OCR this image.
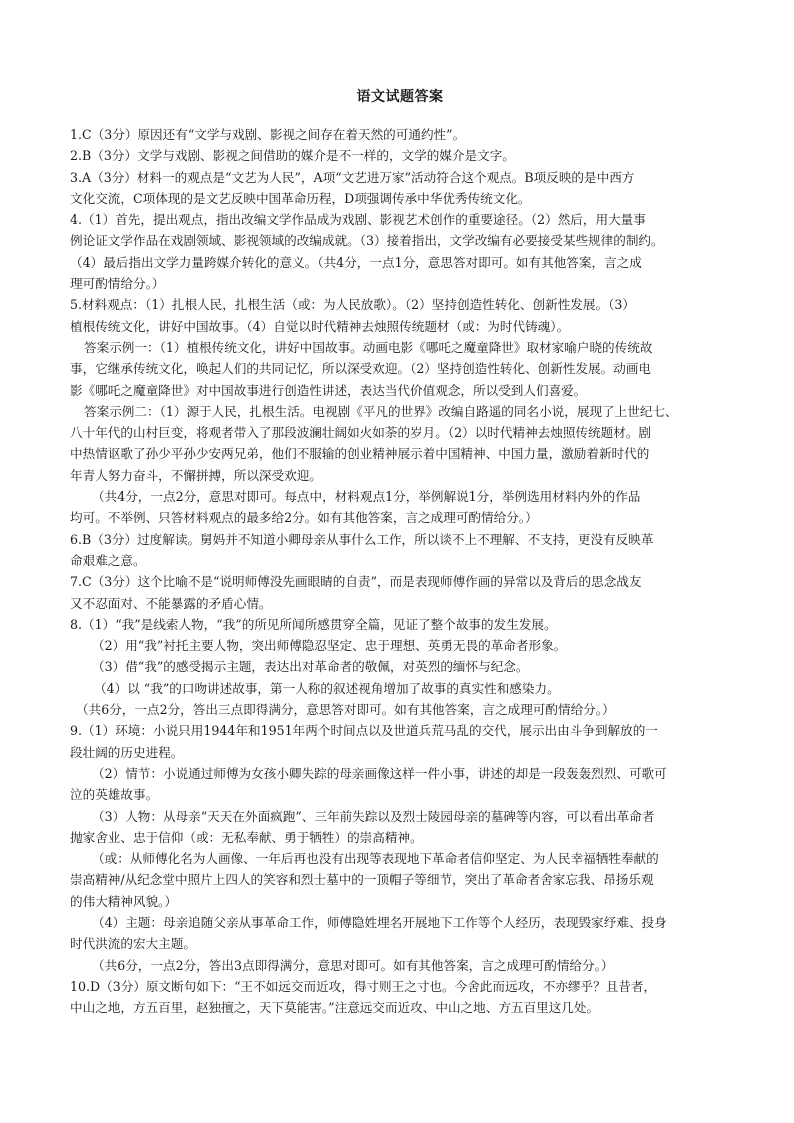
语文试题答案

1.C（3分）原因还有“文学与戏剧、影视之间存在着天然的可通约性”。

2.B（3分）文学与戏剧、影视之间借助的媒介是不一样的，文学的媒介是文字。

3.A（3分）材料一的观点是“文艺为人民”，A项“文艺进万家”活动符合这个观点。B项反映的是中西方

文化交流，C项体现的是文艺反映中国革命历程，D项强调传承中华优秀传统文化。

4.（1）首先，提出观点，指出改编文学作品成为戏剧、影视艺术创作的重要途径。（2）然后，用大量事

例论证文学作品在戏剧领域、影视领域的改编成就。（3）接着指出，文学改编有必要接受某些规律的制约。

（4）最后指出文学力量跨媒介转化的意义。（共4分，一点1分，意思答对即可。如有其他答案，言之成

理可酌情给分。）

5.材料观点：（1）扎根人民，扎根生活（或：为人民放歌）。（2）坚持创造性转化、创新性发展。（3）

植根传统文化，讲好中国故事。（4）自觉以时代精神去烛照传统题材（或：为时代铸魂）。

答案示例一：（1）植根传统文化，讲好中国故事。动画电影《哪吒之魔童降世》取材家喻户晓的传统故

事，它继承传统文化，唤起人们的共同记忆，所以深受欢迎。（2）坚持创造性转化、创新性发展。动画电

影《哪吒之魔童降世》对中国故事进行创造性讲述，表达当代价值观念，所以受到人们喜爱。

答案示例二：（1）源于人民，扎根生活。电视剧《平凡的世界》改编自路遥的同名小说，展现了上世纪七、

八十年代的山村巨变，将观者带入了那段波澜壮阔如火如荼的岁月。（2）以时代精神去烛照传统题材。剧

中热情讴歌了孙少平孙少安两兄弟，他们不服输的创业精神展示着中国精神、中国力量，激励着新时代的

年青人努力奋斗，不懈拼搏，所以深受欢迎。

（共4分，一点2分，意思对即可。每点中，材料观点1分，举例解说1分，举例选用材料内外的作品

均可。不举例、只答材料观点的最多给2分。如有其他答案，言之成理可酌情给分。）

6.B（3分）过度解读。舅妈并不知道小卿母亲从事什么工作，所以谈不上不理解、不支持，更没有反映革

命艰难之意。

7.C（3分）这个比喻不是“说明师傅没先画眼睛的自责”，而是表现师傅作画的异常以及背后的思念战友

又不忍面对、不能暴露的矛盾心情。

8.（1）“我”是线索人物，“我”的所见所闻所感贯穿全篇，见证了整个故事的发生发展。

（2）用“我”衬托主要人物，突出师傅隐忍坚定、忠于理想、英勇无畏的革命者形象。

（3）借“我”的感受揭示主题，表达出对革命者的敬佩，对英烈的缅怀与纪念。

（4）以 “我”的口吻讲述故事，第一人称的叙述视角增加了故事的真实性和感染力。

（共6分，一点2分，答出三点即得满分，意思答对即可。如有其他答案，言之成理可酌情给分。）

9.（1）环境：小说只用1944年和1951年两个时间点以及世道兵荒马乱的交代，展示出由斗争到解放的一

段壮阔的历史进程。

（2）情节：小说通过师傅为女孩小卿失踪的母亲画像这样一件小事，讲述的却是一段轰轰烈烈、可歌可

泣的英雄故事。

（3）人物：从母亲“天天在外面疯跑”、三年前失踪以及烈士陵园母亲的墓碑等内容，可以看出革命者

抛家舍业、忠于信仰（或：无私奉献、勇于牺牲）的崇高精神。

（或：从师傅化名为人画像、一年后再也没有出现等表现地下革命者信仰坚定、为人民幸福牺牲奉献的

崇高精神/从纪念堂中照片上四人的笑容和烈士墓中的一顶帽子等细节，突出了革命者舍家忘我、昂扬乐观

的伟大精神风貌。）

（4）主题：母亲追随父亲从事革命工作，师傅隐姓埋名开展地下工作等个人经历，表现毁家纾难、投身

时代洪流的宏大主题。

（共6分，一点2分，答出3点即得满分，意思对即可。如有其他答案，言之成理可酌情给分。）

10.D（3分）原文断句如下：“王不如远交而近攻，得寸则王之寸也。今舍此而远攻，不亦缪乎？且昔者，

中山之地，方五百里，赵独擅之，天下莫能害。”注意远交而近攻、中山之地、方五百里这几处。
